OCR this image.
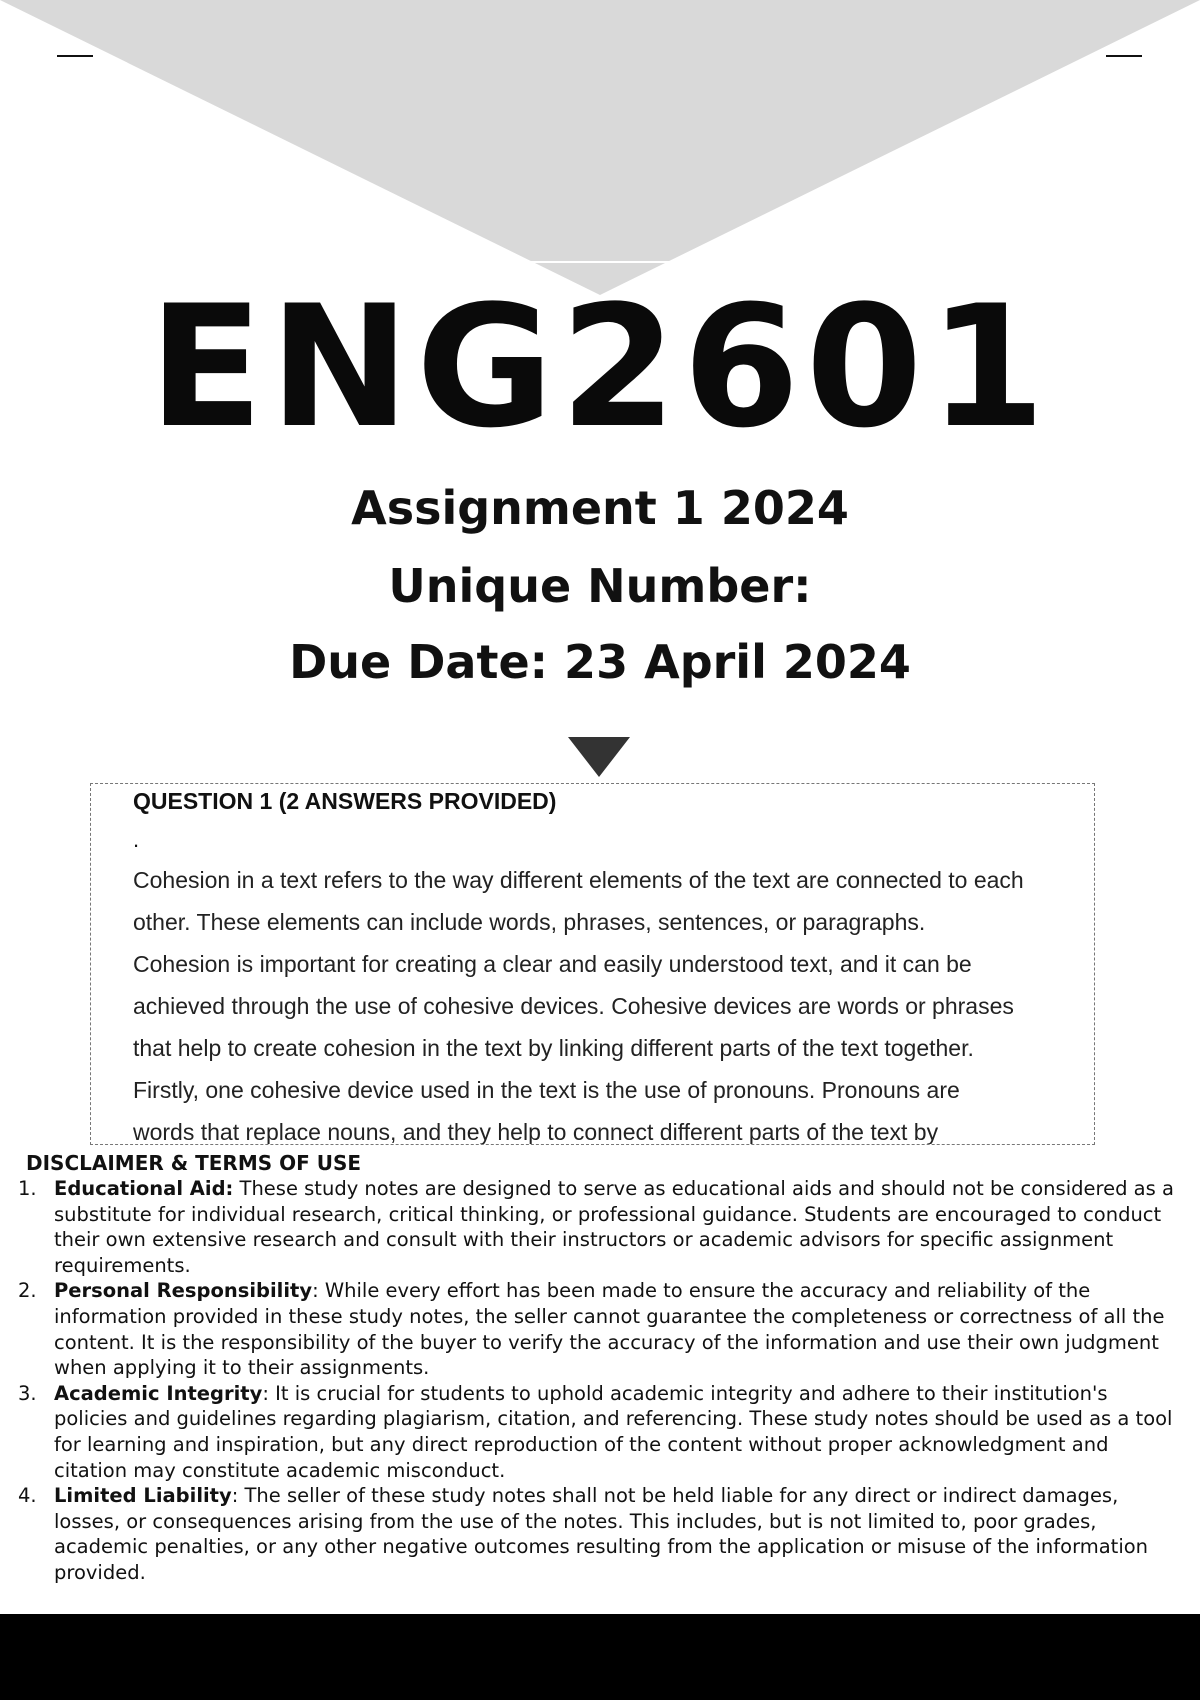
ENG2601
Assignment 1 2024
Unique Number:
Due Date: 23 April 2024
QUESTION 1 (2 ANSWERS PROVIDED)
.
Cohesion in a text refers to the way different elements of the text are connected to each
other. These elements can include words, phrases, sentences, or paragraphs.
Cohesion is important for creating a clear and easily understood text, and it can be
achieved through the use of cohesive devices. Cohesive devices are words or phrases
that help to create cohesion in the text by linking different parts of the text together.
Firstly, one cohesive device used in the text is the use of pronouns. Pronouns are
words that replace nouns, and they help to connect different parts of the text by
DISCLAIMER & TERMS OF USE
1. Educational Aid: These study notes are designed to serve as educational aids and should not be considered as a substitute for individual research, critical thinking, or professional guidance. Students are encouraged to conduct their own extensive research and consult with their instructors or academic advisors for specific assignment requirements.
2. Personal Responsibility: While every effort has been made to ensure the accuracy and reliability of the information provided in these study notes, the seller cannot guarantee the completeness or correctness of all the content. It is the responsibility of the buyer to verify the accuracy of the information and use their own judgment when applying it to their assignments.
3. Academic Integrity: It is crucial for students to uphold academic integrity and adhere to their institution's policies and guidelines regarding plagiarism, citation, and referencing. These study notes should be used as a tool for learning and inspiration, but any direct reproduction of the content without proper acknowledgment and citation may constitute academic misconduct.
4. Limited Liability: The seller of these study notes shall not be held liable for any direct or indirect damages, losses, or consequences arising from the use of the notes. This includes, but is not limited to, poor grades, academic penalties, or any other negative outcomes resulting from the application or misuse of the information provided.
